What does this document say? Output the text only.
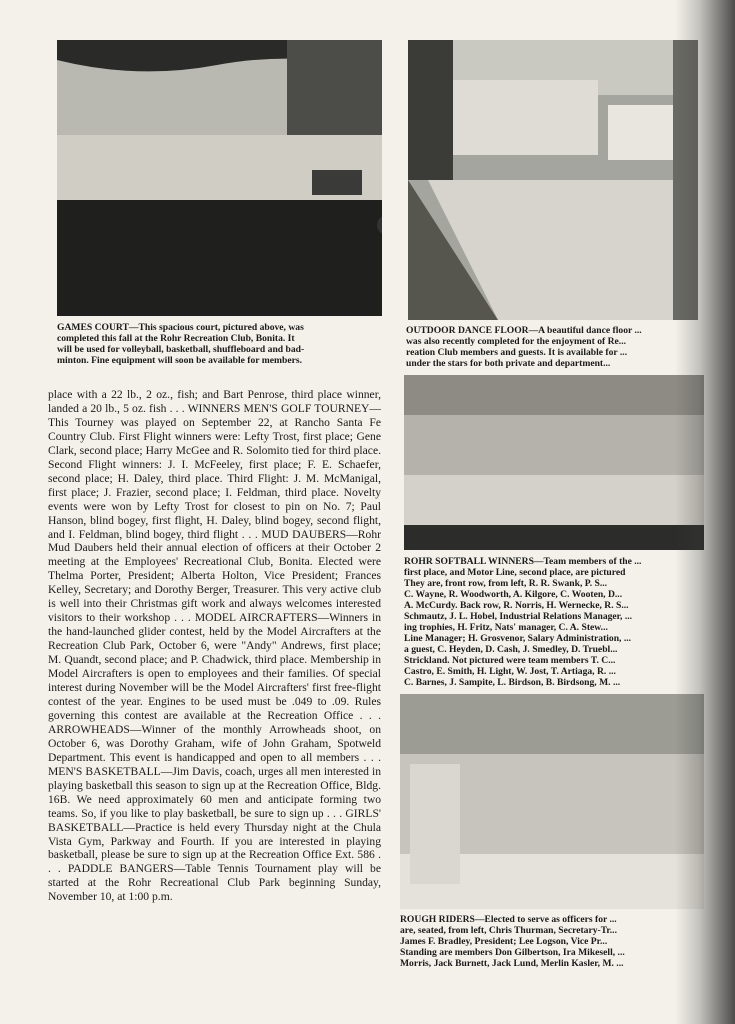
GAMES COURT—This spacious court, pictured above, was
completed this fall at the Rohr Recreation Club, Bonita. It
will be used for volleyball, basketball, shuffleboard and bad-
minton. Fine equipment will soon be available for members.
OUTDOOR DANCE FLOOR—A beautiful dance floor ...
was also recently completed for the enjoyment of Re...
reation Club members and guests. It is available for ...
under the stars for both private and department...
ROHR SOFTBALL WINNERS—Team members of the ...
first place, and Motor Line, second place, are pictured
They are, front row, from left, R. R. Swank, P. S...
C. Wayne, R. Woodworth, A. Kilgore, C. Wooten, D...
A. McCurdy. Back row, R. Norris, H. Wernecke, R. S...
Schmautz, J. L. Hobel, Industrial Relations Manager, ...
ing trophies, H. Fritz, Nats' manager, C. A. Stew...
Line Manager; H. Grosvenor, Salary Administration, ...
a guest, C. Heyden, D. Cash, J. Smedley, D. Truebl...
Strickland. Not pictured were team members T. C...
Castro, E. Smith, H. Light, W. Jost, T. Artiaga, R. ...
C. Barnes, J. Sampite, L. Birdson, B. Birdsong, M. ...
ROUGH RIDERS—Elected to serve as officers for ...
are, seated, from left, Chris Thurman, Secretary-Tr...
James F. Bradley, President; Lee Logson, Vice Pr...
Standing are members Don Gilbertson, Ira Mikesell, ...
Morris, Jack Burnett, Jack Lund, Merlin Kasler, M. ...
place with a 22 lb., 2 oz., fish; and Bart Penrose, third place winner, landed a 20 lb., 5 oz. fish . . . WINNERS MEN'S GOLF TOURNEY—This Tourney was played on September 22, at Rancho Santa Fe Country Club. First Flight winners were: Lefty Trost, first place; Gene Clark, second place; Harry McGee and R. Solomito tied for third place. Second Flight winners: J. I. McFeeley, first place; F. E. Schaefer, second place; H. Daley, third place. Third Flight: J. M. McManigal, first place; J. Frazier, second place; I. Feldman, third place. Novelty events were won by Lefty Trost for closest to pin on No. 7; Paul Hanson, blind bogey, first flight, H. Daley, blind bogey, second flight, and I. Feldman, blind bogey, third flight . . . MUD DAUBERS—Rohr Mud Daubers held their annual election of officers at their October 2 meeting at the Employees' Recreational Club, Bonita. Elected were Thelma Porter, President; Alberta Holton, Vice President; Frances Kelley, Secretary; and Dorothy Berger, Treasurer. This very active club is well into their Christmas gift work and always welcomes interested visitors to their workshop . . . MODEL AIRCRAFTERS—Winners in the hand-launched glider contest, held by the Model Aircrafters at the Recreation Club Park, October 6, were "Andy" Andrews, first place; M. Quandt, second place; and P. Chadwick, third place. Membership in Model Aircrafters is open to employees and their families. Of special interest during November will be the Model Aircrafters' first free-flight contest of the year. Engines to be used must be .049 to .09. Rules governing this contest are available at the Recreation Office . . . ARROWHEADS—Winner of the monthly Arrowheads shoot, on October 6, was Dorothy Graham, wife of John Graham, Spotweld Department. This event is handicapped and open to all members . . . MEN'S BASKETBALL—Jim Davis, coach, urges all men interested in playing basketball this season to sign up at the Recreation Office, Bldg. 16B. We need approximately 60 men and anticipate forming two teams. So, if you like to play basketball, be sure to sign up . . . GIRLS' BASKETBALL—Practice is held every Thursday night at the Chula Vista Gym, Parkway and Fourth. If you are interested in playing basketball, please be sure to sign up at the Recreation Office Ext. 586 . . . PADDLE BANGERS—Table Tennis Tournament play will be started at the Rohr Recreational Club Park beginning Sunday, November 10, at 1:00 p.m.
